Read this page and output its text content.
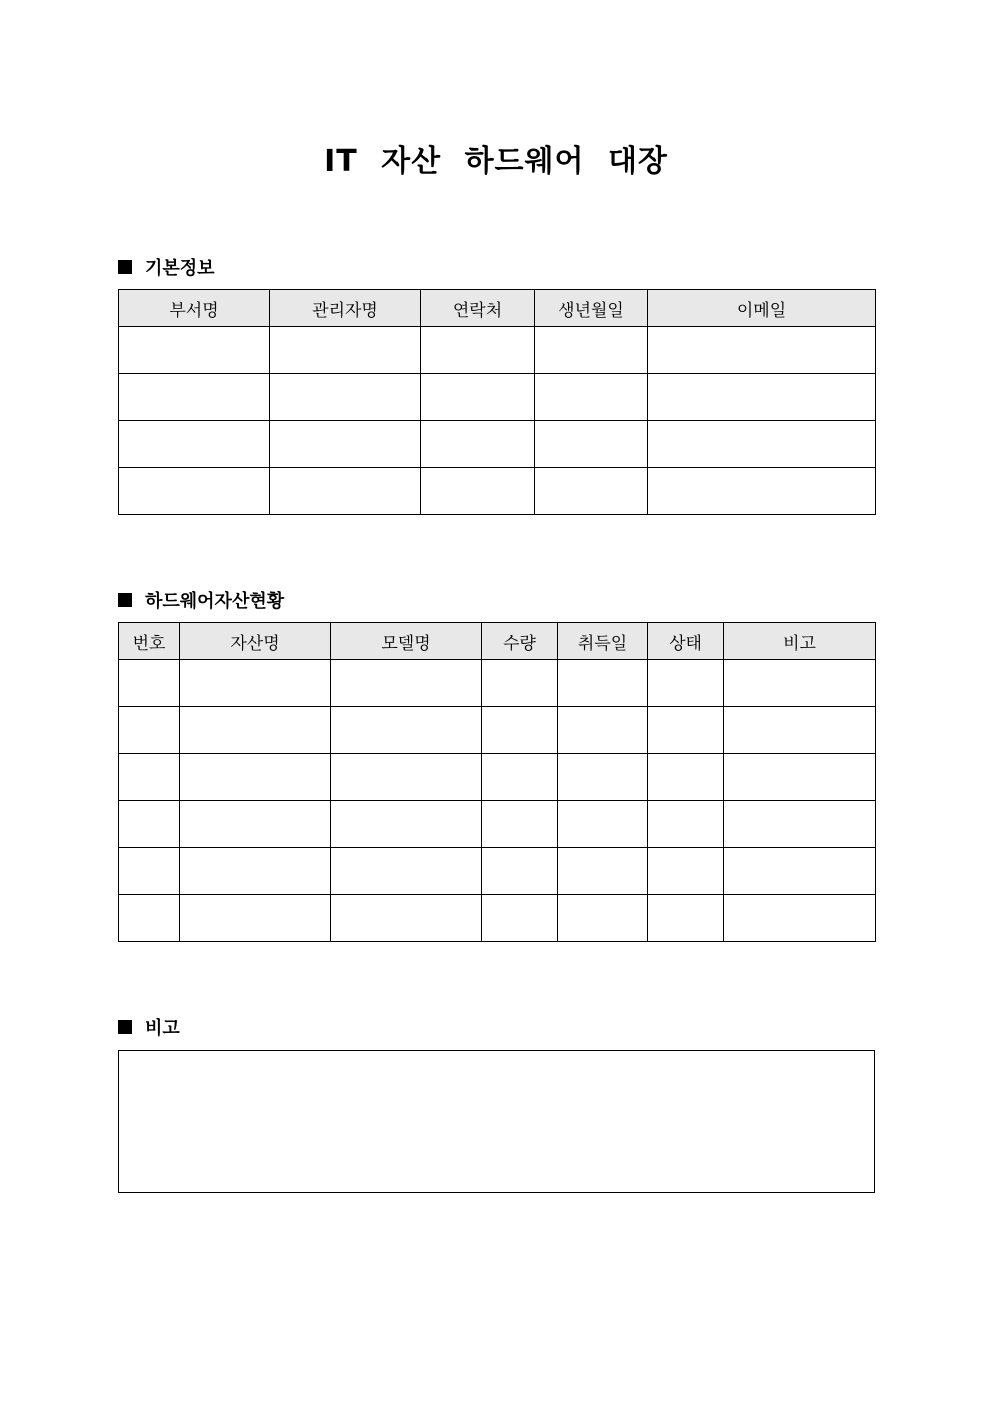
IT 자산 하드웨어 대장
기본정보
부서명	관리자명	연락처	생년월일	이메일

하드웨어자산현황
번호	자산명	모델명	수량	취득일	상태	비고

비고
